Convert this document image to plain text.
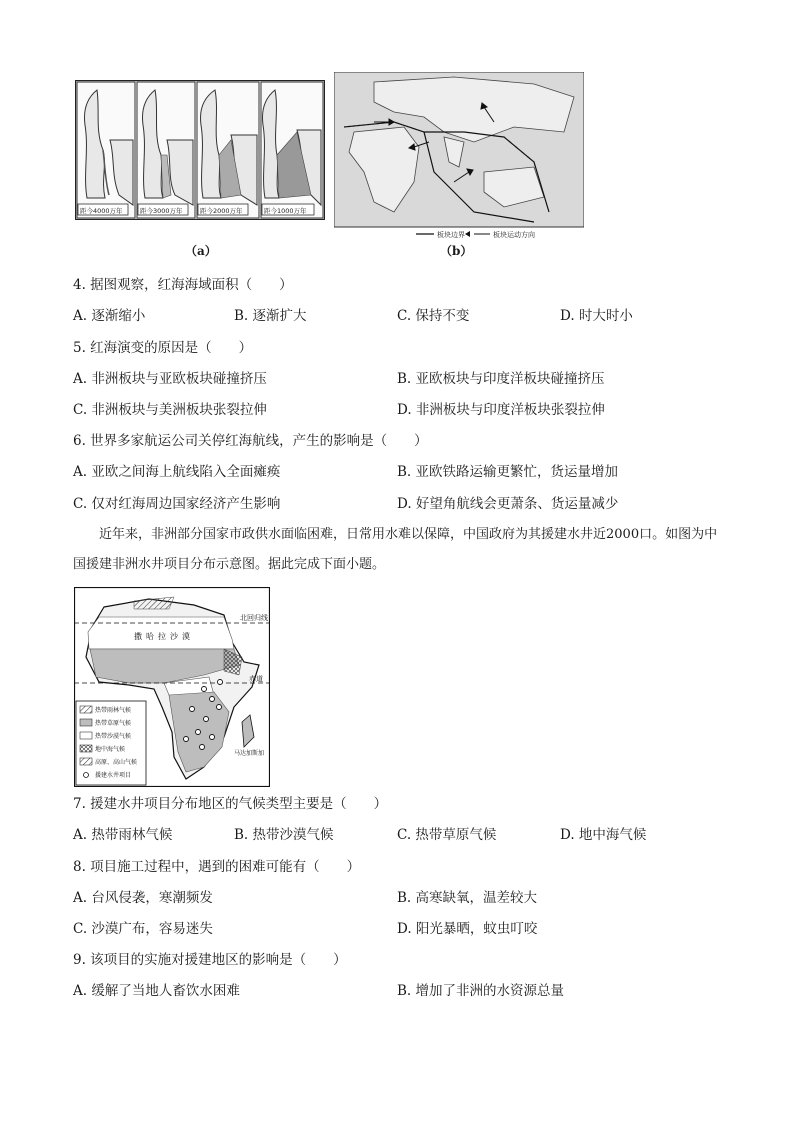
距今4000万年	距今3000万年	距今2000万年	距今1000万年
（a）
板块边界	板块运动方向
（b）
4. 据图观察，红海海域面积（　　）
A. 逐渐缩小	B. 逐渐扩大	C. 保持不变	D. 时大时小
5. 红海演变的原因是（　　）
A. 非洲板块与亚欧板块碰撞挤压	B. 亚欧板块与印度洋板块碰撞挤压
C. 非洲板块与美洲板块张裂拉伸	D. 非洲板块与印度洋板块张裂拉伸
6. 世界多家航运公司关停红海航线，产生的影响是（　　）
A. 亚欧之间海上航线陷入全面瘫痪	B. 亚欧铁路运输更繁忙，货运量增加
C. 仅对红海周边国家经济产生影响	D. 好望角航线会更萧条、货运量减少
近年来，非洲部分国家市政供水面临困难，日常用水难以保障，中国政府为其援建水井近2000口。如图为中国援建非洲水井项目分布示意图。据此完成下面小题。
北回归线
赤道
撒哈拉沙漠
马达加斯加
热带雨林气候
热带草原气候
热带沙漠气候
地中海气候
高原、高山气候
援建水井项目
7. 援建水井项目分布地区的气候类型主要是（　　）
A. 热带雨林气候	B. 热带沙漠气候	C. 热带草原气候	D. 地中海气候
8. 项目施工过程中，遇到的困难可能有（　　）
A. 台风侵袭，寒潮频发	B. 高寒缺氧，温差较大
C. 沙漠广布，容易迷失	D. 阳光暴晒，蚊虫叮咬
9. 该项目的实施对援建地区的影响是（　　）
A. 缓解了当地人畜饮水困难	B. 增加了非洲的水资源总量
